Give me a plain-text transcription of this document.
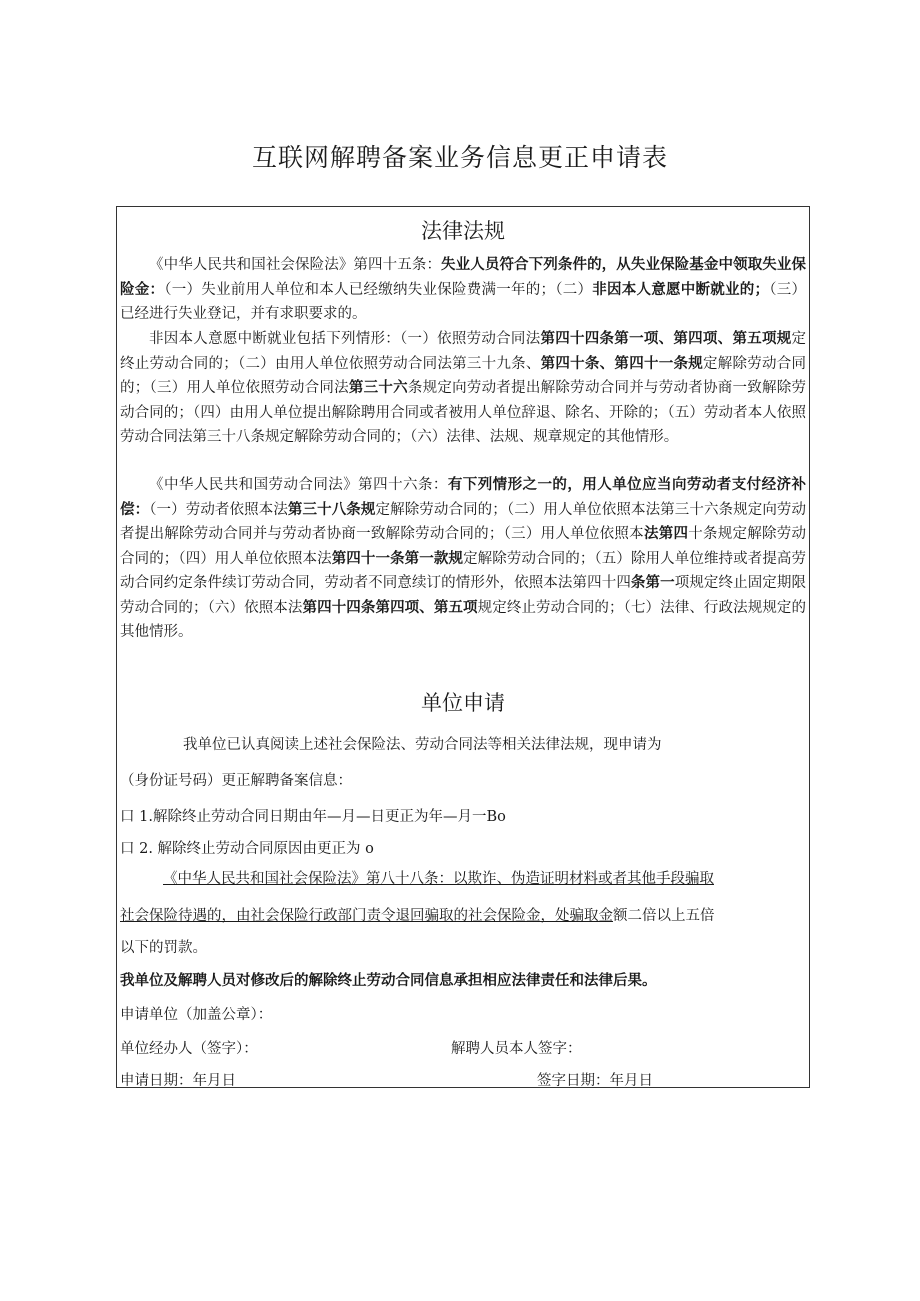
互联网解聘备案业务信息更正申请表
法律法规
《中华人民共和国社会保险法》第四十五条：失业人员符合下列条件的，从失业保险基金中领取失业保险金：（一）失业前用人单位和本人已经缴纳失业保险费满一年的；（二）非因本人意愿中断就业的；（三）已经进行失业登记，并有求职要求的。
非因本人意愿中断就业包括下列情形：（一）依照劳动合同法第四十四条第一项、第四项、第五项规定终止劳动合同的；（二）由用人单位依照劳动合同法第三十九条、第四十条、第四十一条规定解除劳动合同的；（三）用人单位依照劳动合同法第三十六条规定向劳动者提出解除劳动合同并与劳动者协商一致解除劳动合同的；（四）由用人单位提出解除聘用合同或者被用人单位辞退、除名、开除的；（五）劳动者本人依照劳动合同法第三十八条规定解除劳动合同的；（六）法律、法规、规章规定的其他情形。
《中华人民共和国劳动合同法》第四十六条：有下列情形之一的，用人单位应当向劳动者支付经济补偿：（一）劳动者依照本法第三十八条规定解除劳动合同的；（二）用人单位依照本法第三十六条规定向劳动者提出解除劳动合同并与劳动者协商一致解除劳动合同的；（三）用人单位依照本法第四十条规定解除劳动合同的；（四）用人单位依照本法第四十一条第一款规定解除劳动合同的；（五）除用人单位维持或者提高劳动合同约定条件续订劳动合同，劳动者不同意续订的情形外，依照本法第四十四条第一项规定终止固定期限劳动合同的；（六）依照本法第四十四条第四项、第五项规定终止劳动合同的；（七）法律、行政法规规定的其他情形。
单位申请
我单位已认真阅读上述社会保险法、劳动合同法等相关法律法规，现申请为
（身份证号码）更正解聘备案信息：
口 1.解除终止劳动合同日期由年—月—日更正为年—月一Bo
口 2. 解除终止劳动合同原因由更正为 o
《中华人民共和国社会保险法》第八十八条：以欺诈、伪造证明材料或者其他手段骗取
社会保险待遇的，由社会保险行政部门责令退回骗取的社会保险金，处骗取金额二倍以上五倍
以下的罚款。
我单位及解聘人员对修改后的解除终止劳动合同信息承担相应法律责任和法律后果。
申请单位（加盖公章）：
单位经办人（签字）：	解聘人员本人签字：
申请日期：年月日	签字日期：年月日
